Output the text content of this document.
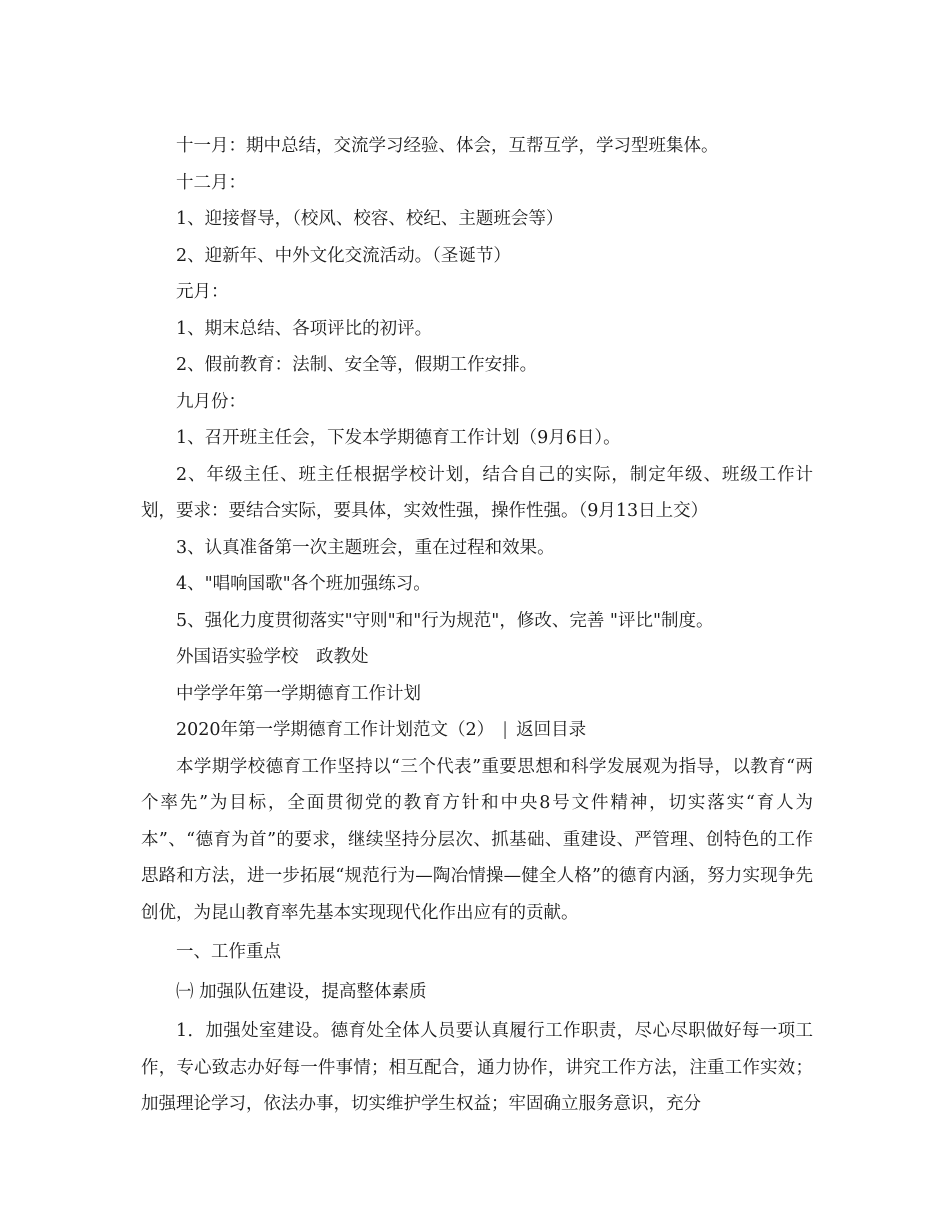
十一月：期中总结，交流学习经验、体会，互帮互学，学习型班集体。
十二月：
1、迎接督导，（校风、校容、校纪、主题班会等）
2、迎新年、中外文化交流活动。（圣诞节）
元月：
1、期末总结、各项评比的初评。
2、假前教育：法制、安全等，假期工作安排。
九月份：
1、召开班主任会，下发本学期德育工作计划（9月6日）。

2、年级主任、班主任根据学校计划，结合自己的实际，制定年级、班级工作计划，要求：要结合实际，要具体，实效性强，操作性强。（9月13日上交）

3、认真准备第一次主题班会，重在过程和效果。
4、"唱响国歌"各个班加强练习。
5、强化力度贯彻落实"守则"和"行为规范"，修改、完善 "评比"制度。
外国语实验学校　政教处
中学学年第一学期德育工作计划
2020年第一学期德育工作计划范文（2） | 返回目录

本学期学校德育工作坚持以“三个代表”重要思想和科学发展观为指导，以教育“两个率先”为目标，全面贯彻党的教育方针和中央8号文件精神，切实落实“育人为本”、“德育为首”的要求，继续坚持分层次、抓基础、重建设、严管理、创特色的工作思路和方法，进一步拓展“规范行为—陶冶情操—健全人格”的德育内涵，努力实现争先创优，为昆山教育率先基本实现现代化作出应有的贡献。

一、工作重点
㈠ 加强队伍建设，提高整体素质

1．加强处室建设。德育处全体人员要认真履行工作职责，尽心尽职做好每一项工作，专心致志办好每一件事情；相互配合，通力协作，讲究工作方法，注重工作实效；加强理论学习，依法办事，切实维护学生权益；牢固确立服务意识，充分
